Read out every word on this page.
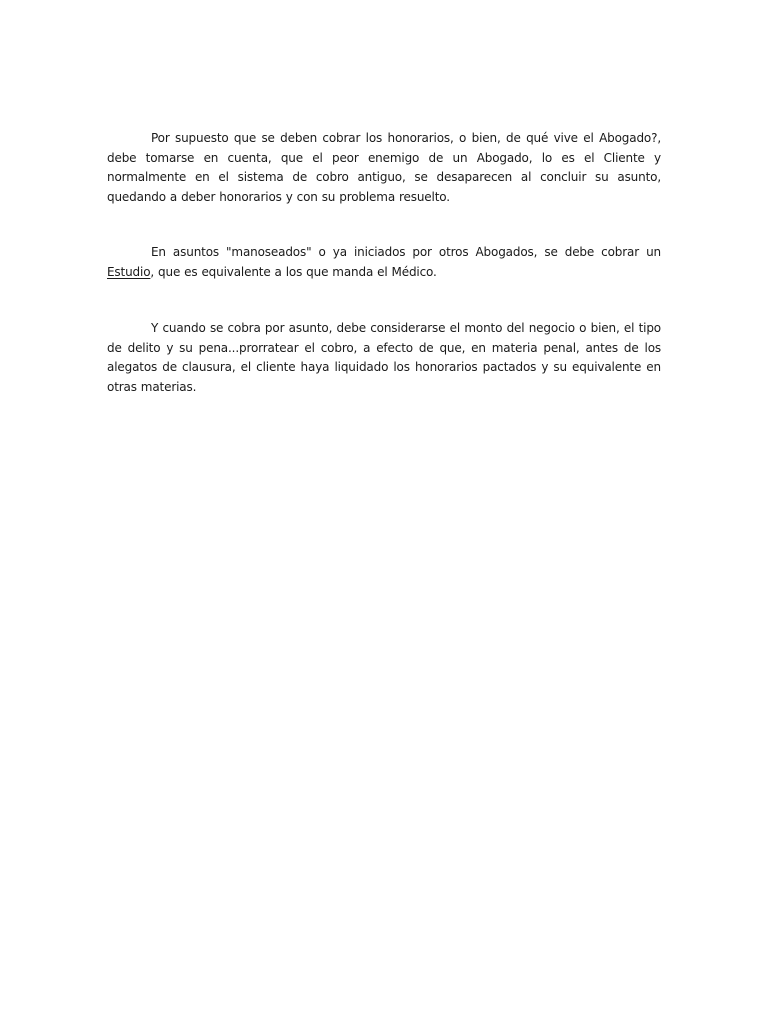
Por supuesto que se deben cobrar los honorarios, o bien, de qué vive el Abogado?, debe tomarse en cuenta, que el peor enemigo de un Abogado, lo es el Cliente y normalmente en el sistema de cobro antiguo, se desaparecen al concluir su asunto, quedando a deber honorarios y con su problema resuelto.

En asuntos "manoseados" o ya iniciados por otros Abogados, se debe cobrar un Estudio, que es equivalente a los que manda el Médico.

Y cuando se cobra por asunto, debe considerarse el monto del negocio o bien, el tipo de delito y su pena...prorratear el cobro, a efecto de que, en materia penal, antes de los alegatos de clausura, el cliente haya liquidado los honorarios pactados y su equivalente en otras materias.
